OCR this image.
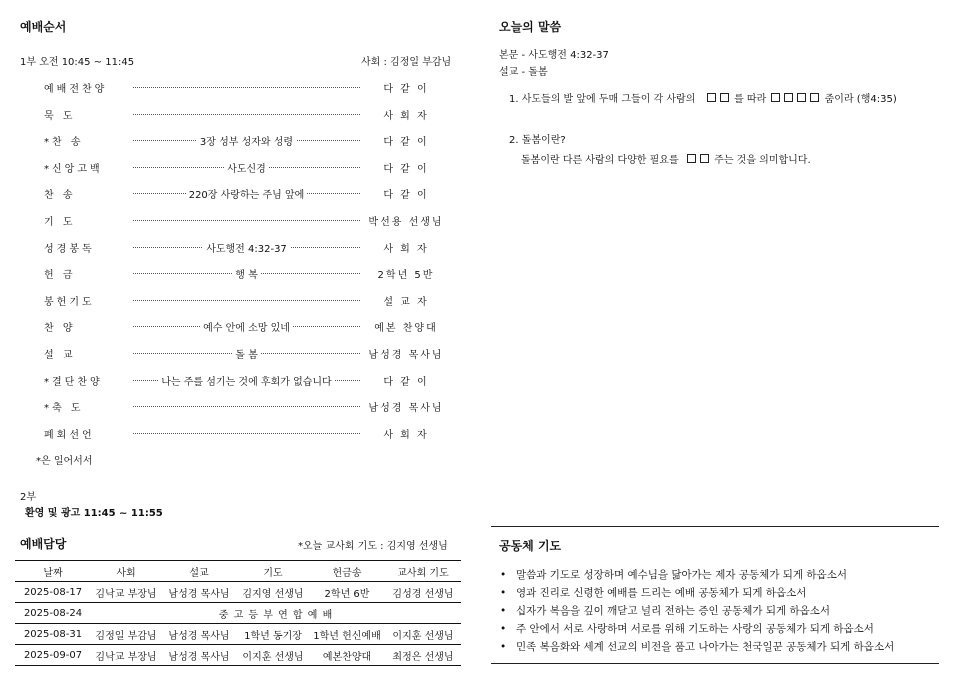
예배순서
1부 오전 10:45 ~ 11:45	사회 : 김정일 부감님
예배전찬양	다 같 이
묵 도	사 회 자
*찬 송	3장 성부 성자와 성령	다 같 이
*신앙고백	사도신경	다 같 이
찬 송	220장 사랑하는 주님 앞에	다 같 이
기 도	박선용 선생님
성경봉독	사도행전 4:32-37	사 회 자
헌 금	행 복	2학년 5반
봉헌기도	설 교 자
찬 양	예수 안에 소망 있네	예본 찬양대
설 교	돌 봄	남성경 목사님
*결단찬양	나는 주를 섬기는 것에 후회가 없습니다	다 같 이
*축 도	남성경 목사님
폐회선언	사 회 자
*은 일어서서
2부
환영 및 광고 11:45 ~ 11:55
오늘의 말씀
본문 - 사도행전 4:32-37
설교 - 돌봄
1. 사도들의 발 앞에 두매 그들이 각 사람의	를 따라	줌이라 (행4:35)
2. 돌봄이란?
돌봄이란 다른 사람의 다양한 필요를	주는 것을 의미합니다.
예배담당	*오늘 교사회 기도 : 김지영 선생님
날짜	사회	설교	기도	헌금송	교사회 기도
2025-08-17	김낙교 부장님	남성경 목사님	김지영 선생님	2학년 6반	김성경 선생님
2025-08-24	중 고 등 부 연 합 예 배				
2025-08-31	김정일 부감님	남성경 목사님	1학년 동기장	1학년 헌신예배	이지훈 선생님
2025-09-07	김낙교 부장님	남성경 목사님	이지훈 선생님	예본찬양대	최정은 선생님
공동체 기도
• 말씀과 기도로 성장하며 예수님을 닮아가는 제자 공동체가 되게 하옵소서
• 영과 진리로 신령한 예배를 드리는 예배 공동체가 되게 하옵소서
• 십자가 복음을 깊이 깨닫고 널리 전하는 증인 공동체가 되게 하옵소서
• 주 안에서 서로 사랑하며 서로를 위해 기도하는 사랑의 공동체가 되게 하옵소서
• 민족 복음화와 세계 선교의 비전을 품고 나아가는 천국일꾼 공동체가 되게 하옵소서
